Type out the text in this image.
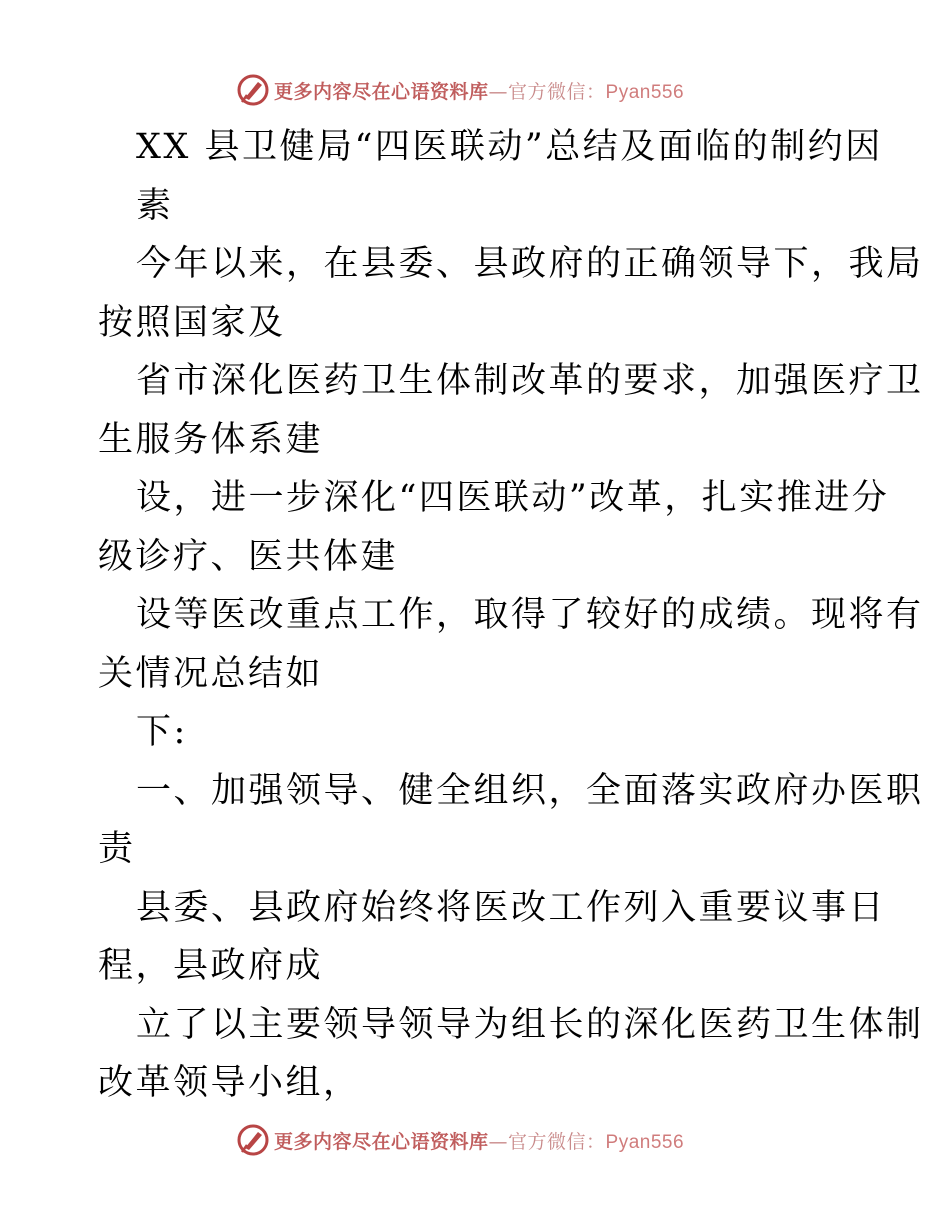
更多内容尽在心语资料库—官方微信：Pyan556
XX 县卫健局“四医联动”总结及面临的制约因
素
今年以来，在县委、县政府的正确领导下，我局
按照国家及
省市深化医药卫生体制改革的要求，加强医疗卫
生服务体系建
设，进一步深化“四医联动”改革，扎实推进分
级诊疗、医共体建
设等医改重点工作，取得了较好的成绩。现将有
关情况总结如
下:
一、加强领导、健全组织，全面落实政府办医职
责
县委、县政府始终将医改工作列入重要议事日
程，县政府成
立了以主要领导领导为组长的深化医药卫生体制
改革领导小组，
更多内容尽在心语资料库—官方微信：Pyan556
